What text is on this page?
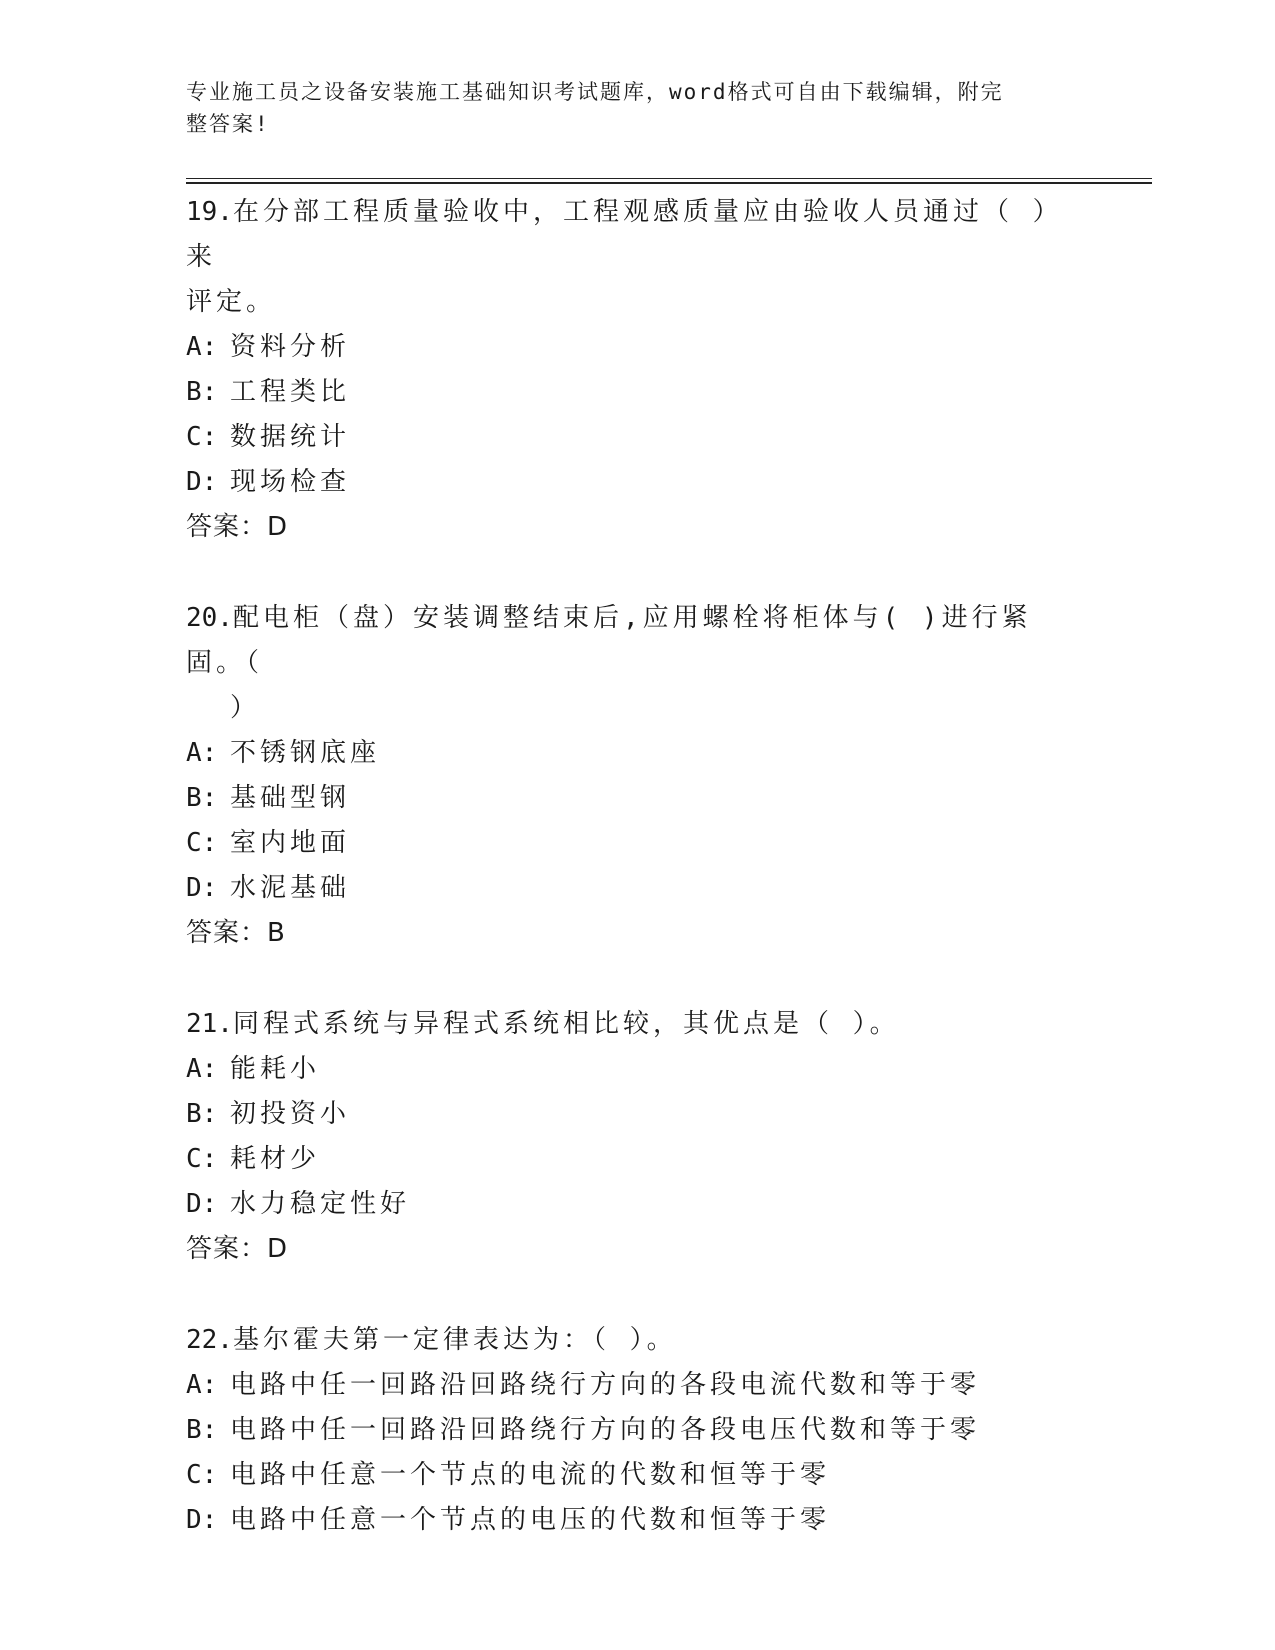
专业施工员之设备安装施工基础知识考试题库，word格式可自由下载编辑，附完
整答案!

19.在分部工程质量验收中，工程观感质量应由验收人员通过（ ）来
评定。

A: 资料分析

B: 工程类比

C: 数据统计

D: 现场检查

答案：D

20.配电柜（盘）安装调整结束后,应用螺栓将柜体与( )进行紧固。（
）

A: 不锈钢底座

B: 基础型钢

C: 室内地面

D: 水泥基础

答案：B

21.同程式系统与异程式系统相比较，其优点是（ ）。

A: 能耗小

B: 初投资小

C: 耗材少

D: 水力稳定性好

答案：D

22.基尔霍夫第一定律表达为：（ ）。

A: 电路中任一回路沿回路绕行方向的各段电流代数和等于零

B: 电路中任一回路沿回路绕行方向的各段电压代数和等于零

C: 电路中任意一个节点的电流的代数和恒等于零

D: 电路中任意一个节点的电压的代数和恒等于零
